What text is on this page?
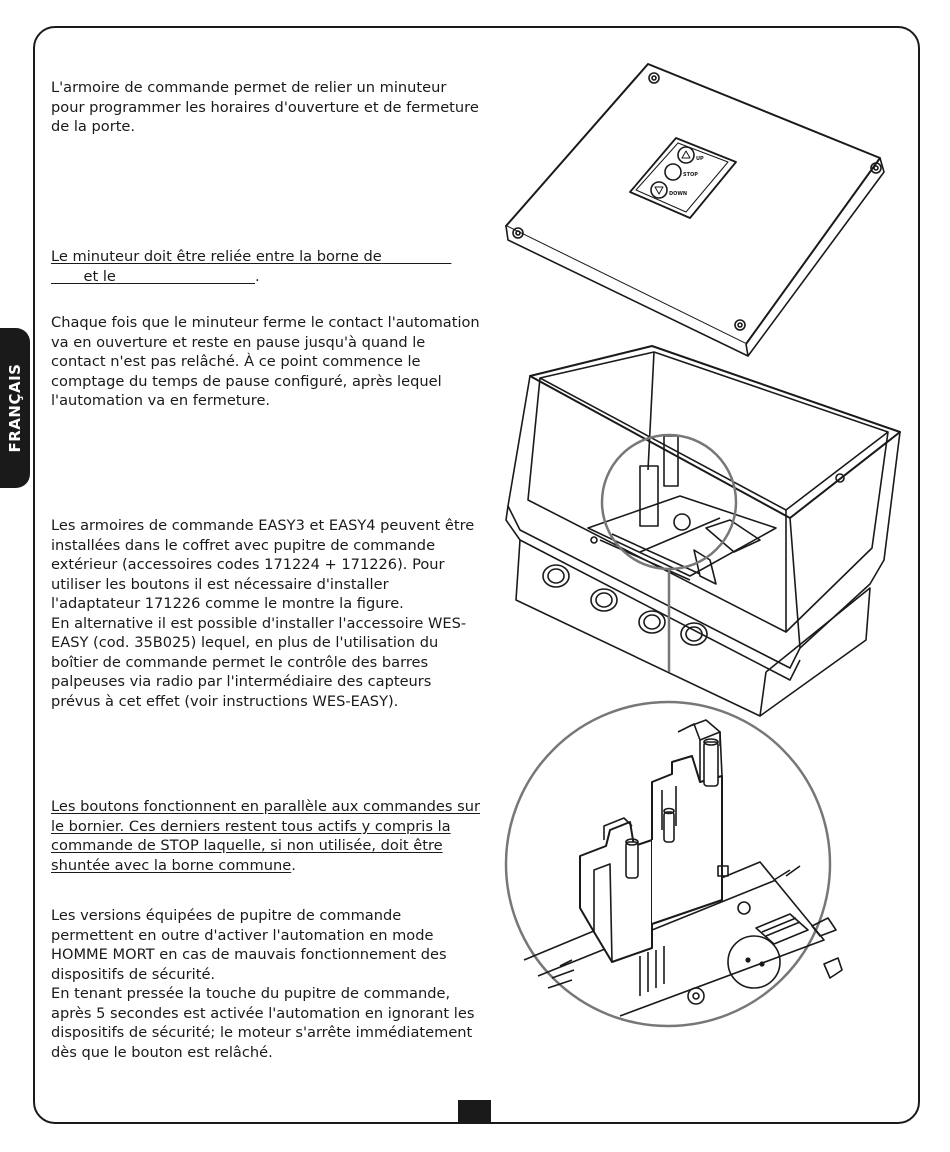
FRANÇAIS

L'armoire de commande permet de relier un minuteur pour programmer les horaires d'ouverture et de fermeture de la porte.

Le minuteur doit être reliée entre la borne de
et le	.

Chaque fois que le minuteur ferme le contact l'automation va en ouverture et reste en pause jusqu'à quand le contact n'est pas relâché. À ce point commence le comptage du temps de pause configuré, après lequel l'automation va en fermeture.

Les armoires de commande EASY3 et EASY4 peuvent être installées dans le coffret avec pupitre de commande extérieur (accessoires codes 171224 + 171226). Pour utiliser les boutons il est nécessaire d'installer l'adaptateur 171226 comme le montre la figure.

En alternative il est possible d'installer l'accessoire WES-EASY (cod. 35B025) lequel, en plus de l'utilisation du boîtier de commande permet le contrôle des barres palpeuses via radio par l'intermédiaire des capteurs prévus à cet effet (voir instructions WES-EASY).

Les boutons fonctionnent en parallèle aux commandes sur le bornier. Ces derniers restent tous actifs y compris la commande de STOP laquelle, si non utilisée, doit être shuntée avec la borne commune.

Les versions équipées de pupitre de commande permettent en outre d'activer l'automation en mode HOMME MORT en cas de mauvais fonctionnement des dispositifs de sécurité.

En tenant pressée la touche du pupitre de commande, après 5 secondes est activée l'automation en ignorant les dispositifs de sécurité; le moteur s'arrête immédiatement dès que le bouton est relâché.

UP
STOP
DOWN
